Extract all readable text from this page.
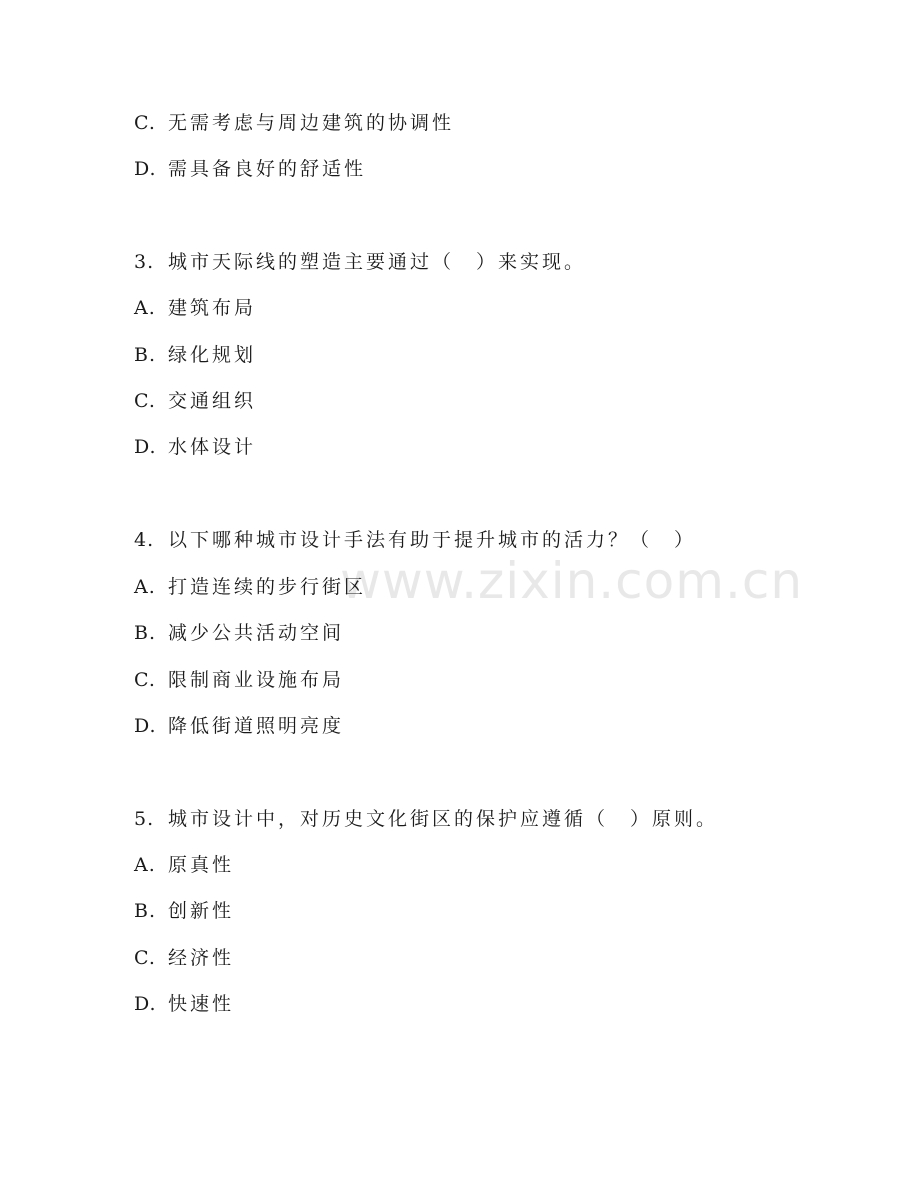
www.zixin.com.cn
C. 无需考虑与周边建筑的协调性
D. 需具备良好的舒适性
3. 城市天际线的塑造主要通过（　）来实现。
A. 建筑布局
B. 绿化规划
C. 交通组织
D. 水体设计
4. 以下哪种城市设计手法有助于提升城市的活力？（　）
A. 打造连续的步行街区
B. 减少公共活动空间
C. 限制商业设施布局
D. 降低街道照明亮度
5. 城市设计中，对历史文化街区的保护应遵循（　）原则。
A. 原真性
B. 创新性
C. 经济性
D. 快速性
